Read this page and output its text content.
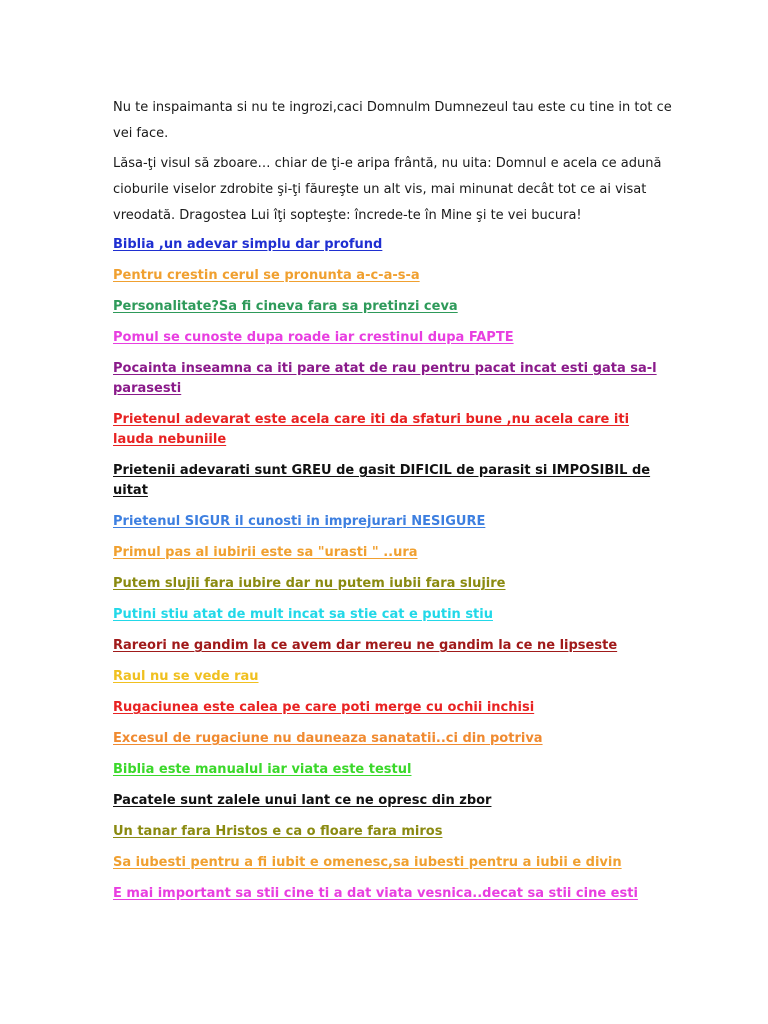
Nu te inspaimanta si nu te ingrozi,caci Domnulm Dumnezeul tau este cu tine in tot ce vei face.

Lăsa-ţi visul să zboare… chiar de ţi-e aripa frântă, nu uita: Domnul e acela ce adună cioburile viselor zdrobite şi-ţi făureşte un alt vis, mai minunat decât tot ce ai visat vreodată. Dragostea Lui îţi sopteşte: încrede-te în Mine şi te vei bucura!

Biblia ,un adevar simplu dar profund
Pentru crestin cerul se pronunta a-c-a-s-a
Personalitate?Sa fi cineva fara sa pretinzi ceva
Pomul se cunoste dupa roade iar crestinul dupa FAPTE
Pocainta inseamna ca iti pare atat de rau pentru pacat incat esti gata sa-l parasesti
Prietenul adevarat este acela care iti da sfaturi bune ,nu acela care iti lauda nebuniile
Prietenii adevarati sunt GREU de gasit DIFICIL de parasit si IMPOSIBIL de uitat
Prietenul SIGUR il cunosti in imprejurari NESIGURE
Primul pas al iubirii este sa "urasti " ..ura
Putem slujii fara iubire dar nu putem iubii fara slujire
Putini stiu atat de mult incat sa stie cat e putin stiu
Rareori ne gandim la ce avem dar mereu ne gandim la ce ne lipseste
Raul nu se vede rau
Rugaciunea este calea pe care poti merge cu ochii inchisi
Excesul de rugaciune nu dauneaza sanatatii..ci din potriva
Biblia este manualul iar viata este testul
Pacatele sunt zalele unui lant ce ne opresc din zbor
Un tanar fara Hristos e ca o floare fara miros
Sa iubesti pentru a fi iubit e omenesc,sa iubesti pentru a iubii e divin
E mai important sa stii cine ti a dat viata vesnica..decat sa stii cine esti
